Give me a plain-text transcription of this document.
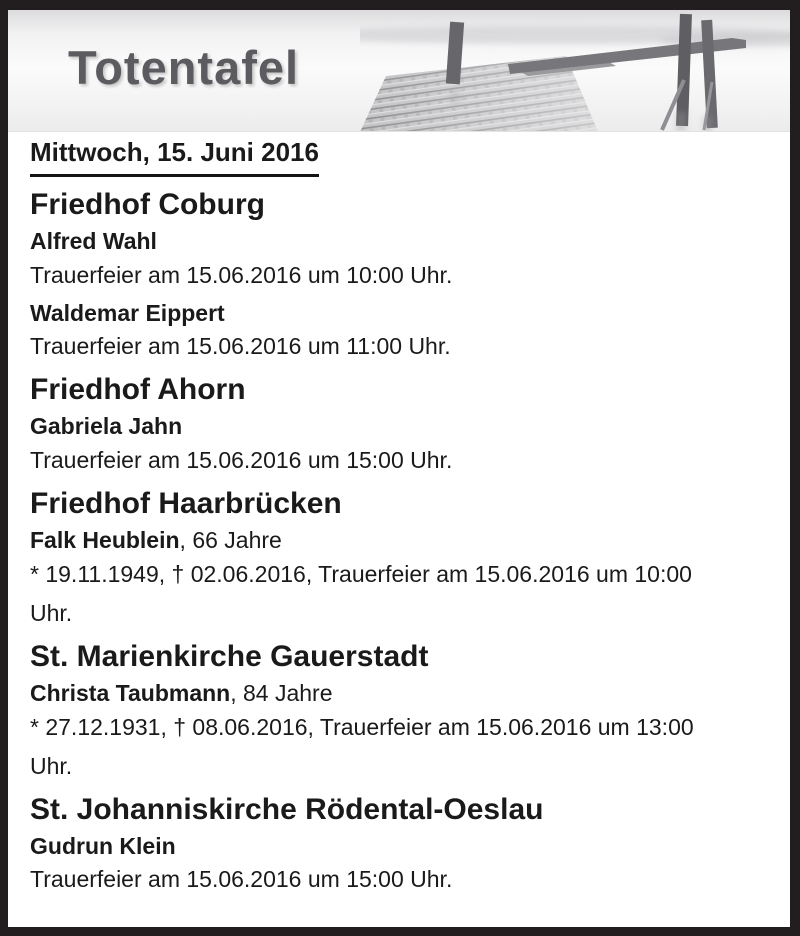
Totentafel
Mittwoch, 15. Juni 2016
Friedhof Coburg
Alfred Wahl
Trauerfeier am 15.06.2016 um 10:00 Uhr.
Waldemar Eippert
Trauerfeier am 15.06.2016 um 11:00 Uhr.
Friedhof Ahorn
Gabriela Jahn
Trauerfeier am 15.06.2016 um 15:00 Uhr.
Friedhof Haarbrücken
Falk Heublein, 66 Jahre
* 19.11.1949, † 02.06.2016, Trauerfeier am 15.06.2016 um 10:00
Uhr.
St. Marienkirche Gauerstadt
Christa Taubmann, 84 Jahre
* 27.12.1931, † 08.06.2016, Trauerfeier am 15.06.2016 um 13:00
Uhr.
St. Johanniskirche Rödental-Oeslau
Gudrun Klein
Trauerfeier am 15.06.2016 um 15:00 Uhr.
